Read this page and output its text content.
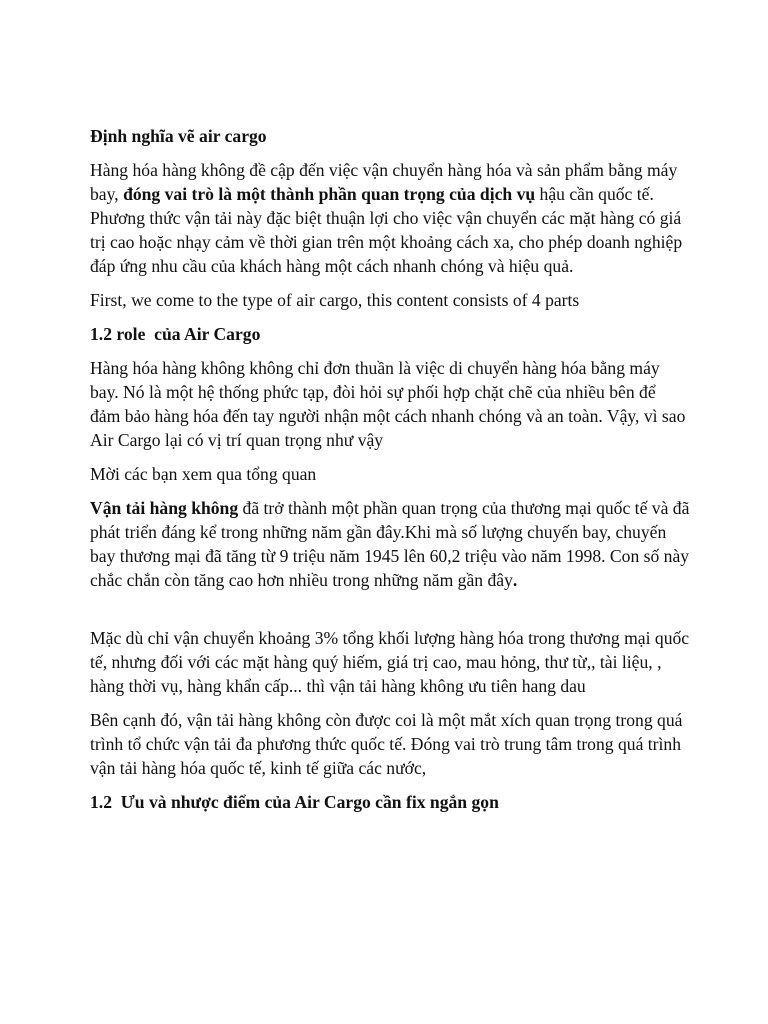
Định nghĩa vẽ air cargo

Hàng hóa hàng không đề cập đến việc vận chuyển hàng hóa và sản phẩm bằng máy bay, đóng vai trò là một thành phần quan trọng của dịch vụ hậu cần quốc tế. Phương thức vận tải này đặc biệt thuận lợi cho việc vận chuyển các mặt hàng có giá trị cao hoặc nhạy cảm về thời gian trên một khoảng cách xa, cho phép doanh nghiệp đáp ứng nhu cầu của khách hàng một cách nhanh chóng và hiệu quả.

First, we come to the type of air cargo, this content consists of 4 parts

1.2 role  của Air Cargo

Hàng hóa hàng không không chỉ đơn thuần là việc di chuyển hàng hóa bằng máy bay. Nó là một hệ thống phức tạp, đòi hỏi sự phối hợp chặt chẽ của nhiều bên để đảm bảo hàng hóa đến tay người nhận một cách nhanh chóng và an toàn. Vậy, vì sao Air Cargo lại có vị trí quan trọng như vậy

Mời các bạn xem qua tổng quan

Vận tải hàng không đã trở thành một phần quan trọng của thương mại quốc tế và đã phát triển đáng kể trong những năm gần đây.Khi mà số lượng chuyến bay, chuyến bay thương mại đã tăng từ 9 triệu năm 1945 lên 60,2 triệu vào năm 1998. Con số này chắc chắn còn tăng cao hơn nhiều trong những năm gần đây.

Mặc dù chỉ vận chuyển khoảng 3% tổng khối lượng hàng hóa trong thương mại quốc tế, nhưng đối với các mặt hàng quý hiếm, giá trị cao, mau hỏng, thư từ,, tài liệu, , hàng thời vụ, hàng khẩn cấp... thì vận tải hàng không ưu tiên hang dau

Bên cạnh đó, vận tải hàng không còn được coi là một mắt xích quan trọng trong quá trình tổ chức vận tải đa phương thức quốc tế. Đóng vai trò trung tâm trong quá trình vận tải hàng hóa quốc tế, kinh tế giữa các nước,

1.2  Ưu và nhược điểm của Air Cargo cần fix ngắn gọn
